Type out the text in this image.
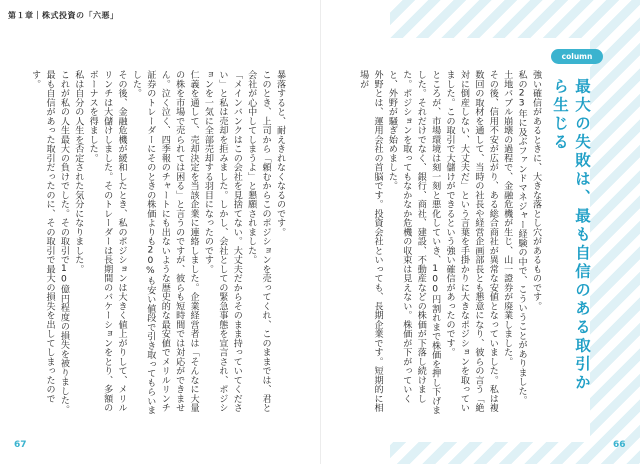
第１章｜株式投資の「六悪」
column
最大の失敗は、最も自信のある取引から生じる

強い確信があるときに、大きな落とし穴があるものです。

私の23年に及ぶファンドマネジャー経験の中で、こういうことがありました。

土地バブル崩壊の過程で、金融危機が生じ、山一證券が廃業しました。

その後、信用不安が広がり、ある総合商社が異常な安値となっていました。私は複数回の取材を通して、当時の社長や経営企画部長とも懇意になり、彼らの言う「絶対に倒産しない、大丈夫だ」という言葉を手掛かりに大きなポジションを取っていました。この取引で大儲けができるという強い確信があったのです。

ところが、市場環境は刻一刻と悪化していき、100円割れまで株価を押し下げました。それだけでなく、銀行、商社、建設、不動産などの株価が下落し続けました。ポジションを取ってもなかなか危機の収束は見えない。株価が下がっていくと、外野が騒ぎ始めました。

外野とは、運用会社の首脳です。投資会社といっても、長期企業です。短期的に相場が

暴落すると、耐えきれなくなるのです。

このとき、上司から「頼むからこのポジションを売ってくれ、このままでは、君と会社が心中してしまうよ」と懇願されました。

「メインバンクはこの会社を見捨てない。大丈夫だからそのまま持っていてください」と私は売却を拒みました。しかし、会社としての緊急事態を宣言され、ポジションを一気に全部売却する羽目になったのです。

仁義を通して、売却決定を当該企業に連絡しました。企業経営者は「そんなに大量の株を市場で売られては困る」と言うのですが、彼らも短時間では対応ができません。泣く泣く、四季報のチャートにも出ないような歴史的な最安値でメリルリンチ証券のトレーダーにそのときの株価よりも20%も安い値段で引き取ってもらいました。

その後、金融危機が緩和したとき、私のポジションは大きく値上がりして、メリルリンチは大儲けしました。そのトレーダーは長期間のバケーションをとり、多額のボーナスを得ました。

私は自分の人生を否定された気分になりました。

これが私の人生最大の負けでした。その取引で10億円程度の損失を被りました。最も自信があった取引だったのに、その取引で最大の損失を出してしまったのです。

67	66
